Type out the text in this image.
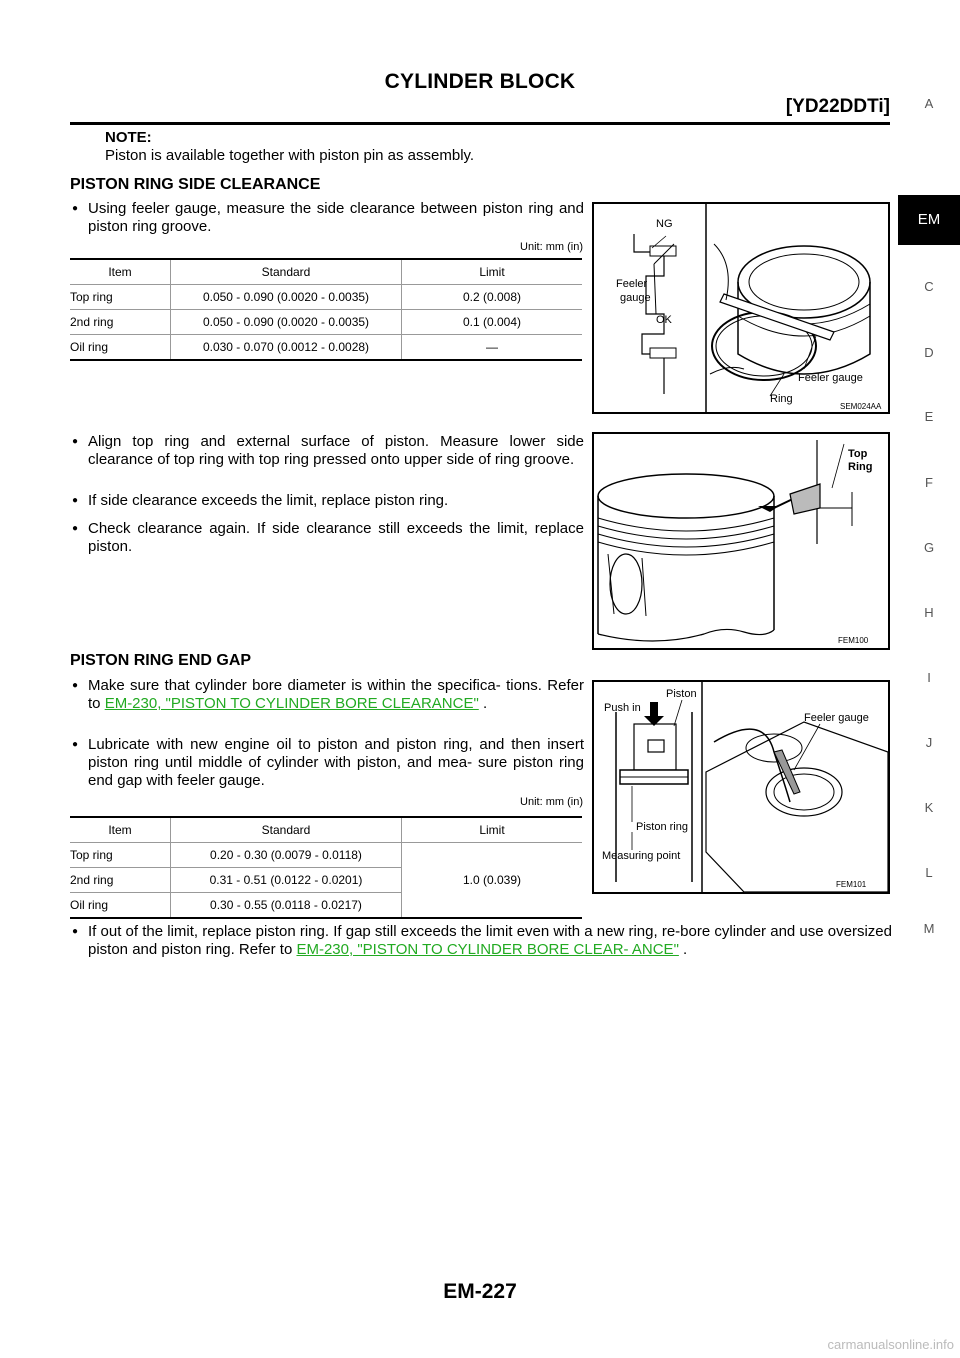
CYLINDER BLOCK
[YD22DDTi]	A
EM
C
D
E
F
G
H
I
J
K
L
M
NOTE:
Piston is available together with piston pin as assembly.
PISTON RING SIDE CLEARANCE
● Using feeler gauge, measure the side clearance between piston ring and piston ring groove.
Unit: mm (in)
Item	Standard	Limit
Top ring	0.050 - 0.090 (0.0020 - 0.0035)	0.2 (0.008)
2nd ring	0.050 - 0.090 (0.0020 - 0.0035)	0.1 (0.004)
Oil ring	0.030 - 0.070 (0.0012 - 0.0028)	—
NG
Feeler
gauge
OK
Feeler gauge
Ring
SEM024AA
● Align top ring and external surface of piston. Measure lower side clearance of top ring with top ring pressed onto upper side of ring groove.
● If side clearance exceeds the limit, replace piston ring.
● Check clearance again. If side clearance still exceeds the limit, replace piston.
Top
Ring
FEM100
PISTON RING END GAP
● Make sure that cylinder bore diameter is within the specifica- tions. Refer to EM-230, "PISTON TO CYLINDER BORE CLEARANCE" .
● Lubricate with new engine oil to piston and piston ring, and then insert piston ring until middle of cylinder with piston, and mea- sure piston ring end gap with feeler gauge.
Unit: mm (in)
Item	Standard	Limit
Top ring	0.20 - 0.30 (0.0079 - 0.0118)	1.0 (0.039)
2nd ring	0.31 - 0.51 (0.0122 - 0.0201)	
Oil ring	0.30 - 0.55 (0.0118 - 0.0217)	
Piston
Push in
Feeler gauge
Piston ring
Measuring point
FEM101
● If out of the limit, replace piston ring. If gap still exceeds the limit even with a new ring, re-bore cylinder and use oversized piston and piston ring. Refer to EM-230, "PISTON TO CYLINDER BORE CLEAR- ANCE" .
EM-227
carmanualsonline.info
